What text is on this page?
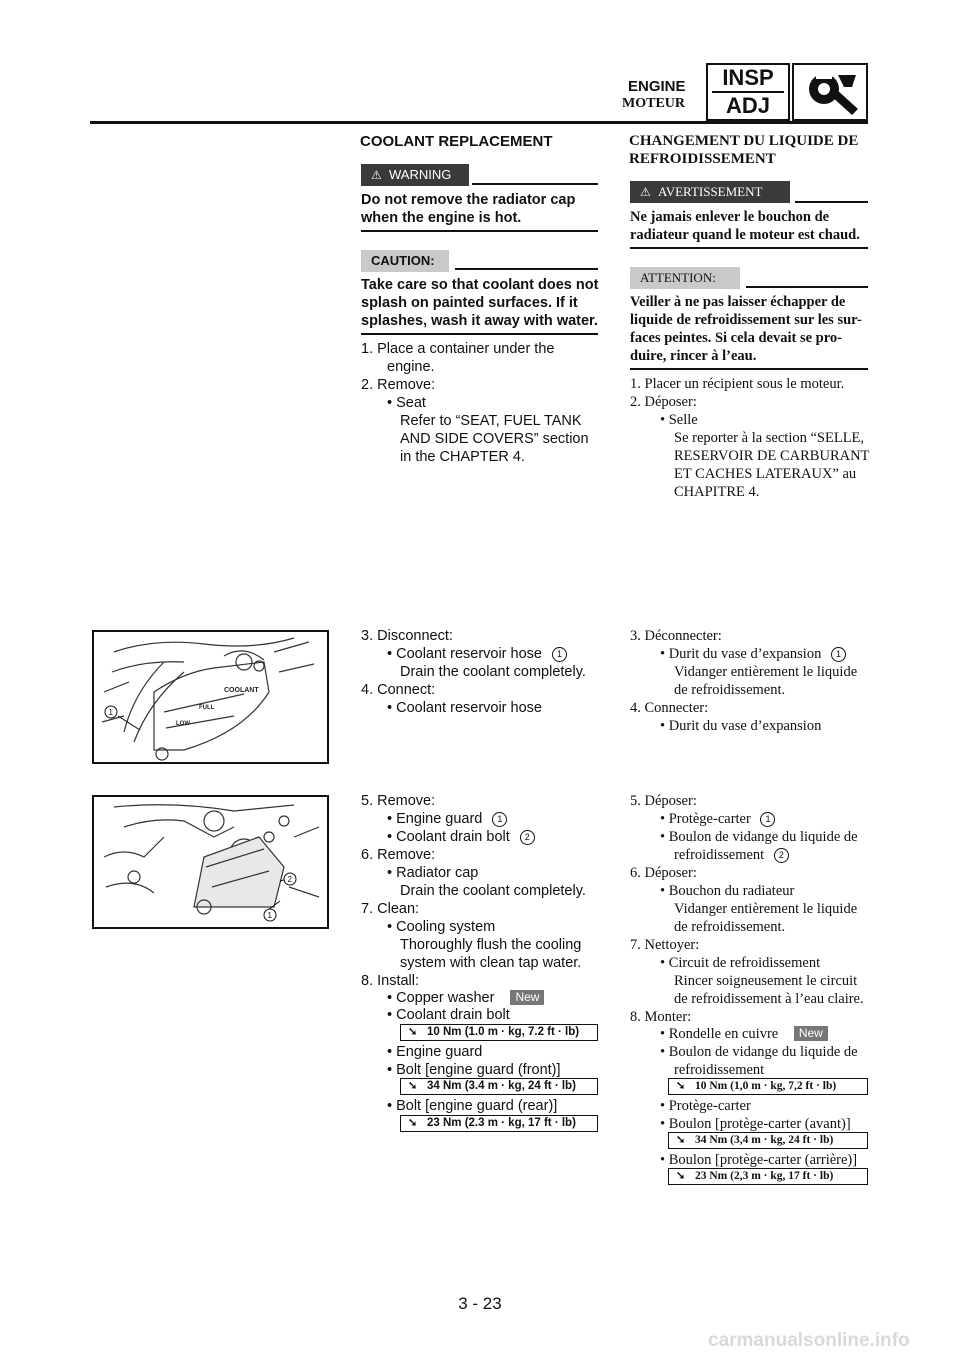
ENGINE
MOTEUR
INSP
ADJ
COOLANT REPLACEMENT
⚠ WARNING
Do not remove the radiator cap
when the engine is hot.
CAUTION:
Take care so that coolant does not
splash on painted surfaces. If it
splashes, wash it away with water.
1. Place a container under the
engine.
2. Remove:
• Seat
Refer to “SEAT, FUEL TANK
AND SIDE COVERS” section
in the CHAPTER 4.
CHANGEMENT DU LIQUIDE DE
REFROIDISSEMENT
⚠ AVERTISSEMENT
Ne jamais enlever le bouchon de
radiateur quand le moteur est chaud.
ATTENTION:
Veiller à ne pas laisser échapper de
liquide de refroidissement sur les sur-
faces peintes. Si cela devait se pro-
duire, rincer à l’eau.
1. Placer un récipient sous le moteur.
2. Déposer:
• Selle
Se reporter à la section “SELLE,
RESERVOIR DE CARBURANT
ET CACHES LATERAUX” au
CHAPITRE 4.
COOLANT
FULL
LOW
1
3. Disconnect:
• Coolant reservoir hose 1
Drain the coolant completely.
4. Connect:
• Coolant reservoir hose
3. Déconnecter:
• Durit du vase d’expansion 1
Vidanger entièrement le liquide
de refroidissement.
4. Connecter:
• Durit du vase d’expansion
1
2
5. Remove:
• Engine guard 1
• Coolant drain bolt 2
6. Remove:
• Radiator cap
Drain the coolant completely.
7. Clean:
• Cooling system
Thoroughly flush the cooling
system with clean tap water.
8. Install:
• Copper washer New
• Coolant drain bolt
➘ 10 Nm (1.0 m · kg, 7.2 ft · lb)
• Engine guard
• Bolt [engine guard (front)]
➘ 34 Nm (3.4 m · kg, 24 ft · lb)
• Bolt [engine guard (rear)]
➘ 23 Nm (2.3 m · kg, 17 ft · lb)
5. Déposer:
• Protège-carter 1
• Boulon de vidange du liquide de
refroidissement 2
6. Déposer:
• Bouchon du radiateur
Vidanger entièrement le liquide
de refroidissement.
7. Nettoyer:
• Circuit de refroidissement
Rincer soigneusement le circuit
de refroidissement à l’eau claire.
8. Monter:
• Rondelle en cuivre New
• Boulon de vidange du liquide de
refroidissement
➘ 10 Nm (1,0 m · kg, 7,2 ft · lb)
• Protège-carter
• Boulon [protège-carter (avant)]
➘ 34 Nm (3,4 m · kg, 24 ft · lb)
• Boulon [protège-carter (arrière)]
➘ 23 Nm (2,3 m · kg, 17 ft · lb)
3 - 23
carmanualsonline.info
